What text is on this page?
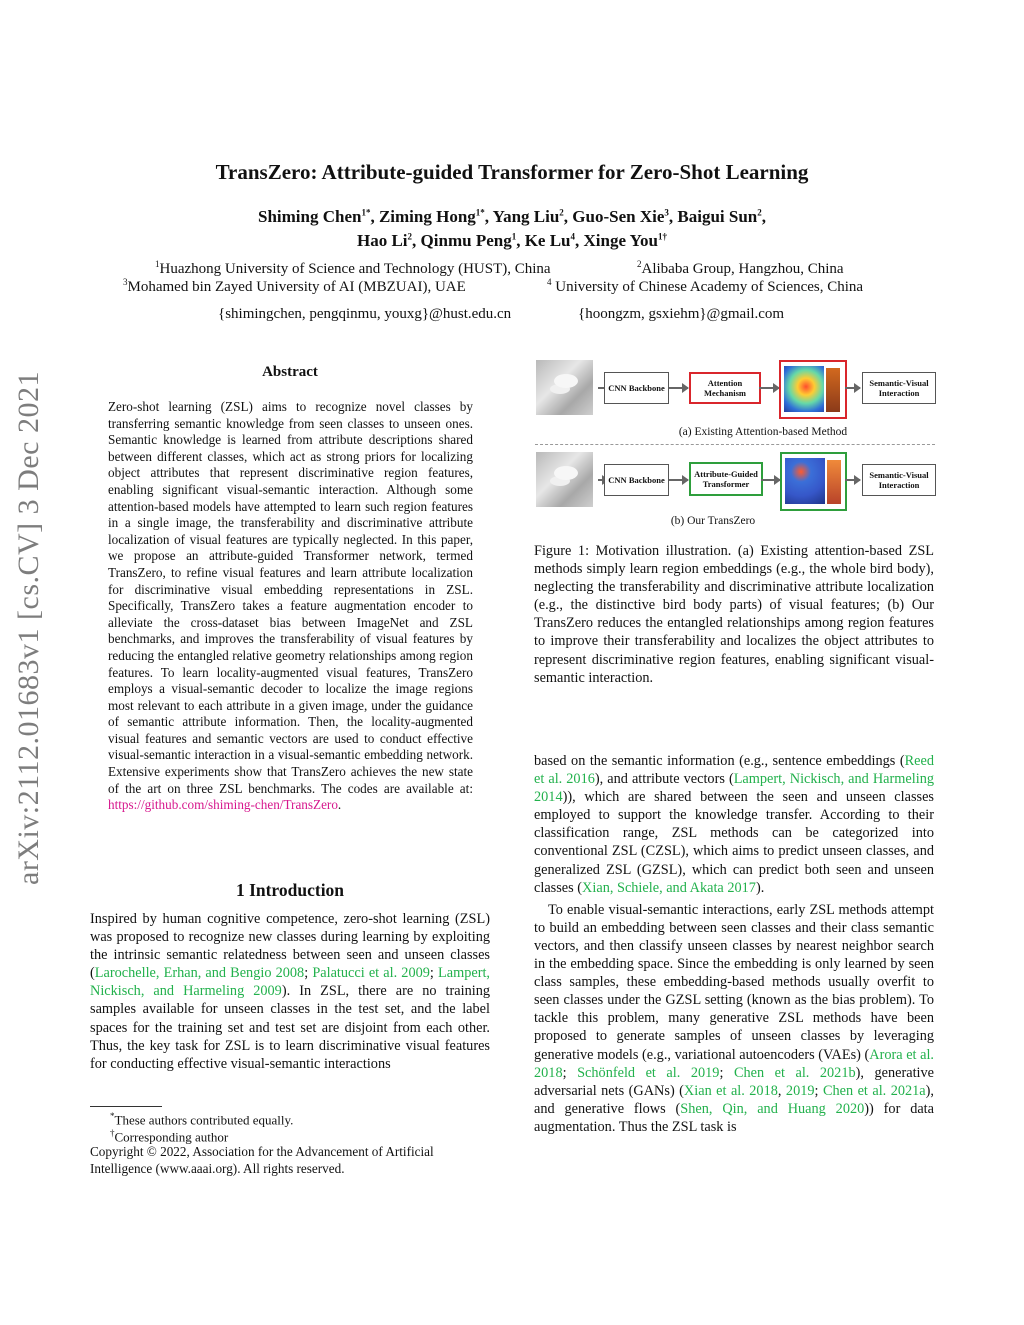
arXiv:2112.01683v1 [cs.CV] 3 Dec 2021
TransZero: Attribute-guided Transformer for Zero-Shot Learning
Shiming Chen$^{1*}$, Ziming Hong$^{1*}$, Yang Liu$^2$, Guo-Sen Xie$^3$, Baigui Sun$^2$,
Hao Li$^2$, Qinmu Peng$^1$, Ke Lu$^4$, Xinge You$^{1\dagger}$
$^1$Huazhong University of Science and Technology (HUST), China	$^2$Alibaba Group, Hangzhou, China
$^3$Mohamed bin Zayed University of AI (MBZUAI), UAE	$^4$ University of Chinese Academy of Sciences, China
{shimingchen, pengqinmu, youxg}@hust.edu.cn	{hoongzm, gsxiehm}@gmail.com
Abstract

Zero-shot learning (ZSL) aims to recognize novel classes by transferring semantic knowledge from seen classes to unseen ones. Semantic knowledge is learned from attribute descriptions shared between different classes, which act as strong priors for localizing object attributes that represent discriminative region features, enabling significant visual-semantic interaction. Although some attention-based models have attempted to learn such region features in a single image, the transferability and discriminative attribute localization of visual features are typically neglected. In this paper, we propose an attribute-guided Transformer network, termed TransZero, to refine visual features and learn attribute localization for discriminative visual embedding representations in ZSL. Specifically, TransZero takes a feature augmentation encoder to alleviate the cross-dataset bias between ImageNet and ZSL benchmarks, and improves the transferability of visual features by reducing the entangled relative geometry relationships among region features. To learn locality-augmented visual features, TransZero employs a visual-semantic decoder to localize the image regions most relevant to each attribute in a given image, under the guidance of semantic attribute information. Then, the locality-augmented visual features and semantic vectors are used to conduct effective visual-semantic interaction in a visual-semantic embedding network. Extensive experiments show that TransZero achieves the new state of the art on three ZSL benchmarks. The codes are available at: https://github.com/shiming-chen/TransZero.

1 Introduction

Inspired by human cognitive competence, zero-shot learning (ZSL) was proposed to recognize new classes during learning by exploiting the intrinsic semantic relatedness between seen and unseen classes (Larochelle, Erhan, and Bengio 2008; Palatucci et al. 2009; Lampert, Nickisch, and Harmeling 2009). In ZSL, there are no training samples available for unseen classes in the test set, and the label spaces for the training set and test set are disjoint from each other. Thus, the key task for ZSL is to learn discriminative visual features for conducting effective visual-semantic interactions

*These authors contributed equally.
†Corresponding author
Copyright © 2022, Association for the Advancement of Artificial Intelligence (www.aaai.org). All rights reserved.
CNN Backbone	Attention Mechanism
Semantic-Visual Interaction
(a) Existing Attention-based Method
CNN Backbone
Attribute-Guided Transformer
Semantic-Visual Interaction
(b) Our TransZero
Figure 1: Motivation illustration. (a) Existing attention-based ZSL methods simply learn region embeddings (e.g., the whole bird body), neglecting the transferability and discriminative attribute localization (e.g., the distinctive bird body parts) of visual features; (b) Our TransZero reduces the entangled relationships among region features to improve their transferability and localizes the object attributes to represent discriminative region features, enabling significant visual-semantic interaction.

based on the semantic information (e.g., sentence embeddings (Reed et al. 2016), and attribute vectors (Lampert, Nickisch, and Harmeling 2014)), which are shared between the seen and unseen classes employed to support the knowledge transfer. According to their classification range, ZSL methods can be categorized into conventional ZSL (CZSL), which aims to predict unseen classes, and generalized ZSL (GZSL), which can predict both seen and unseen classes (Xian, Schiele, and Akata 2017).

To enable visual-semantic interactions, early ZSL methods attempt to build an embedding between seen classes and their class semantic vectors, and then classify unseen classes by nearest neighbor search in the embedding space. Since the embedding is only learned by seen class samples, these embedding-based methods usually overfit to seen classes under the GZSL setting (known as the bias problem). To tackle this problem, many generative ZSL methods have been proposed to generate samples of unseen classes by leveraging generative models (e.g., variational autoencoders (VAEs) (Arora et al. 2018; Schönfeld et al. 2019; Chen et al. 2021b), generative adversarial nets (GANs) (Xian et al. 2018, 2019; Chen et al. 2021a), and generative flows (Shen, Qin, and Huang 2020)) for data augmentation. Thus the ZSL task is
